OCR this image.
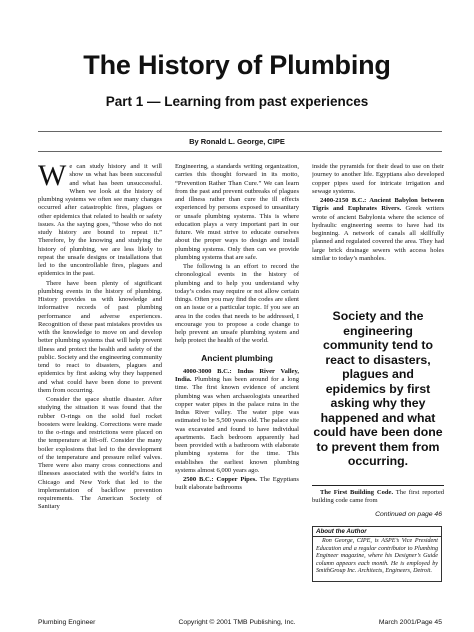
The History of Plumbing
Part 1 — Learning from past experiences
By Ronald L. George, CIPE

We can study history and it will show us what has been successful and what has been unsuccessful. When we look at the history of plumbing systems we often see many changes occurred after catastrophic fires, plagues or other epidemics that related to health or safety issues. As the saying goes, “those who do not study history are bound to repeat it.” Therefore, by the knowing and studying the history of plumbing, we are less likely to repeat the unsafe designs or installations that led to the uncontrollable fires, plagues and epidemics in the past.

There have been plenty of significant plumbing events in the history of plumbing. History provides us with knowledge and informative records of past plumbing performance and adverse experiences. Recognition of these past mistakes provides us with the knowledge to move on and develop better plumbing systems that will help prevent illness and protect the health and safety of the public. Society and the engineering community tend to react to disasters, plagues and epidemics by first asking why they happened and what could have been done to prevent them from occurring.

Consider the space shuttle disaster. After studying the situation it was found that the rubber O-rings on the solid fuel rocket boosters were leaking. Corrections were made to the o-rings and restrictions were placed on the temperature at lift-off. Consider the many boiler explosions that led to the development of the temperature and pressure relief valves. There were also many cross connections and illnesses associated with the world’s fairs in Chicago and New York that led to the implementation of backflow prevention requirements. The American Society of Sanitary

Engineering, a standards writing organization, carries this thought forward in its motto, “Prevention Rather Than Cure.” We can learn from the past and prevent outbreaks of plagues and illness rather than cure the ill effects experienced by persons exposed to unsanitary or unsafe plumbing systems. This is where education plays a very important part in our future. We must strive to educate ourselves about the proper ways to design and install plumbing systems. Only then can we provide plumbing systems that are safe.

The following is an effort to record the chronological events in the history of plumbing and to help you understand why today’s codes may require or not allow certain things. Often you may find the codes are silent on an issue or a particular topic. If you see an area in the codes that needs to be addressed, I encourage you to propose a code change to help prevent an unsafe plumbing system and help protect the health of the world.

Ancient plumbing

4000-3000 B.C.: Indus River Valley, India. Plumbing has been around for a long time. The first known evidence of ancient plumbing was when archaeologists unearthed copper water pipes in the palace ruins in the Indus River valley. The water pipe was estimated to be 5,500 years old. The palace site was excavated and found to have individual apartments. Each bedroom apparently had been provided with a bathroom with elaborate plumbing systems for the time. This establishes the earliest known plumbing systems almost 6,000 years ago.

2500 B.C.: Copper Pipes. The Egyptians built elaborate bathrooms

inside the pyramids for their dead to use on their journey to another life. Egyptians also developed copper pipes used for intricate irrigation and sewage systems.

2400-2150 B.C.: Ancient Babylon between Tigris and Euphrates Rivers. Greek writers wrote of ancient Babylonia where the science of hydraulic engineering seems to have had its beginning. A network of canals all skillfully planned and regulated covered the area. They had large brick drainage sewers with access holes similar to today’s manholes.

Society and the engineering community tend to react to disasters, plagues and epidemics by first asking why they happened and what could have been done to prevent them from occurring.

The First Building Code. The first reported building code came from

Continued on page 46
About the Author
Ron George, CIPE, is ASPE’s Vice President Education and a regular contributor to Plumbing Engineer magazine, where his Designer’s Guide column appears each month. He is employed by SmithGroup Inc. Architects, Engineers, Detroit.
Plumbing Engineer	Copyright © 2001 TMB Publishing, Inc.	March 2001/Page 45
